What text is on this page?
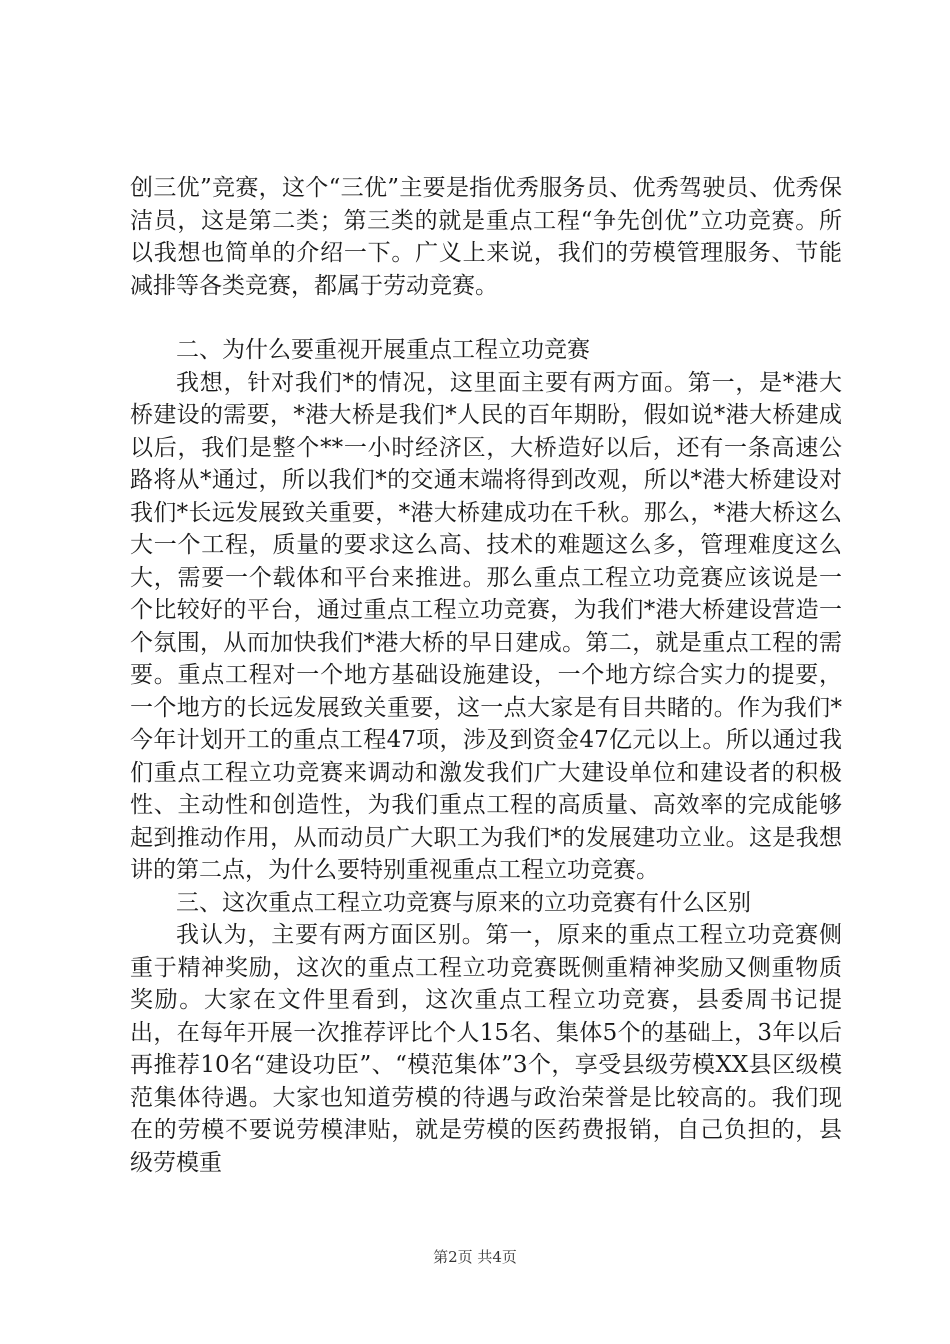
创三优”竞赛，这个“三优”主要是指优秀服务员、优秀驾驶员、优秀保洁员，这是第二类；第三类的就是重点工程“争先创优”立功竞赛。所以我想也简单的介绍一下。广义上来说，我们的劳模管理服务、节能减排等各类竞赛，都属于劳动竞赛。

二、为什么要重视开展重点工程立功竞赛

我想，针对我们*的情况，这里面主要有两方面。第一，是*港大桥建设的需要，*港大桥是我们*人民的百年期盼，假如说*港大桥建成以后，我们是整个**一小时经济区，大桥造好以后，还有一条高速公路将从*通过，所以我们*的交通末端将得到改观，所以*港大桥建设对我们*长远发展致关重要，*港大桥建成功在千秋。那么，*港大桥这么大一个工程，质量的要求这么高、技术的难题这么多，管理难度这么大，需要一个载体和平台来推进。那么重点工程立功竞赛应该说是一个比较好的平台，通过重点工程立功竞赛，为我们*港大桥建设营造一个氛围，从而加快我们*港大桥的早日建成。第二，就是重点工程的需要。重点工程对一个地方基础设施建设，一个地方综合实力的提要，一个地方的长远发展致关重要，这一点大家是有目共睹的。作为我们*今年计划开工的重点工程47项，涉及到资金47亿元以上。所以通过我们重点工程立功竞赛来调动和激发我们广大建设单位和建设者的积极性、主动性和创造性，为我们重点工程的高质量、高效率的完成能够起到推动作用，从而动员广大职工为我们*的发展建功立业。这是我想讲的第二点，为什么要特别重视重点工程立功竞赛。

三、这次重点工程立功竞赛与原来的立功竞赛有什么区别

我认为，主要有两方面区别。第一，原来的重点工程立功竞赛侧重于精神奖励，这次的重点工程立功竞赛既侧重精神奖励又侧重物质奖励。大家在文件里看到，这次重点工程立功竞赛，县委周书记提出，在每年开展一次推荐评比个人15名、集体5个的基础上，3年以后再推荐10名“建设功臣”、“模范集体”3个，享受县级劳模XX县区级模范集体待遇。大家也知道劳模的待遇与政治荣誉是比较高的。我们现在的劳模不要说劳模津贴，就是劳模的医药费报销，自己负担的，县级劳模重

第2页 共4页
